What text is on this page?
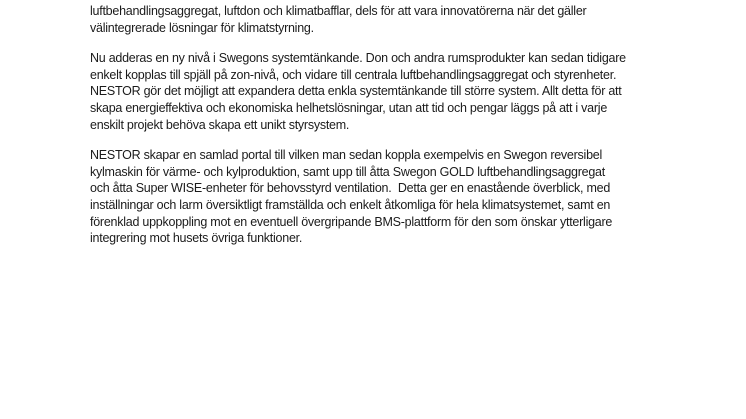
luftbehandlingsaggregat, luftdon och klimatbafflar, dels för att vara innovatörerna när det gäller
välintegrerade lösningar för klimatstyrning.
Nu adderas en ny nivå i Swegons systemtänkande. Don och andra rumsprodukter kan sedan tidigare
enkelt kopplas till spjäll på zon-nivå, och vidare till centrala luftbehandlingsaggregat och styrenheter.
NESTOR gör det möjligt att expandera detta enkla systemtänkande till större system. Allt detta för att
skapa energieffektiva och ekonomiska helhetslösningar, utan att tid och pengar läggs på att i varje
enskilt projekt behöva skapa ett unikt styrsystem.
NESTOR skapar en samlad portal till vilken man sedan koppla exempelvis en Swegon reversibel
kylmaskin för värme- och kylproduktion, samt upp till åtta Swegon GOLD luftbehandlingsaggregat
och åtta Super WISE-enheter för behovsstyrd ventilation.  Detta ger en enastående överblick, med
inställningar och larm översiktligt framställda och enkelt åtkomliga för hela klimatsystemet, samt en
förenklad uppkoppling mot en eventuell övergripande BMS-plattform för den som önskar ytterligare
integrering mot husets övriga funktioner.
